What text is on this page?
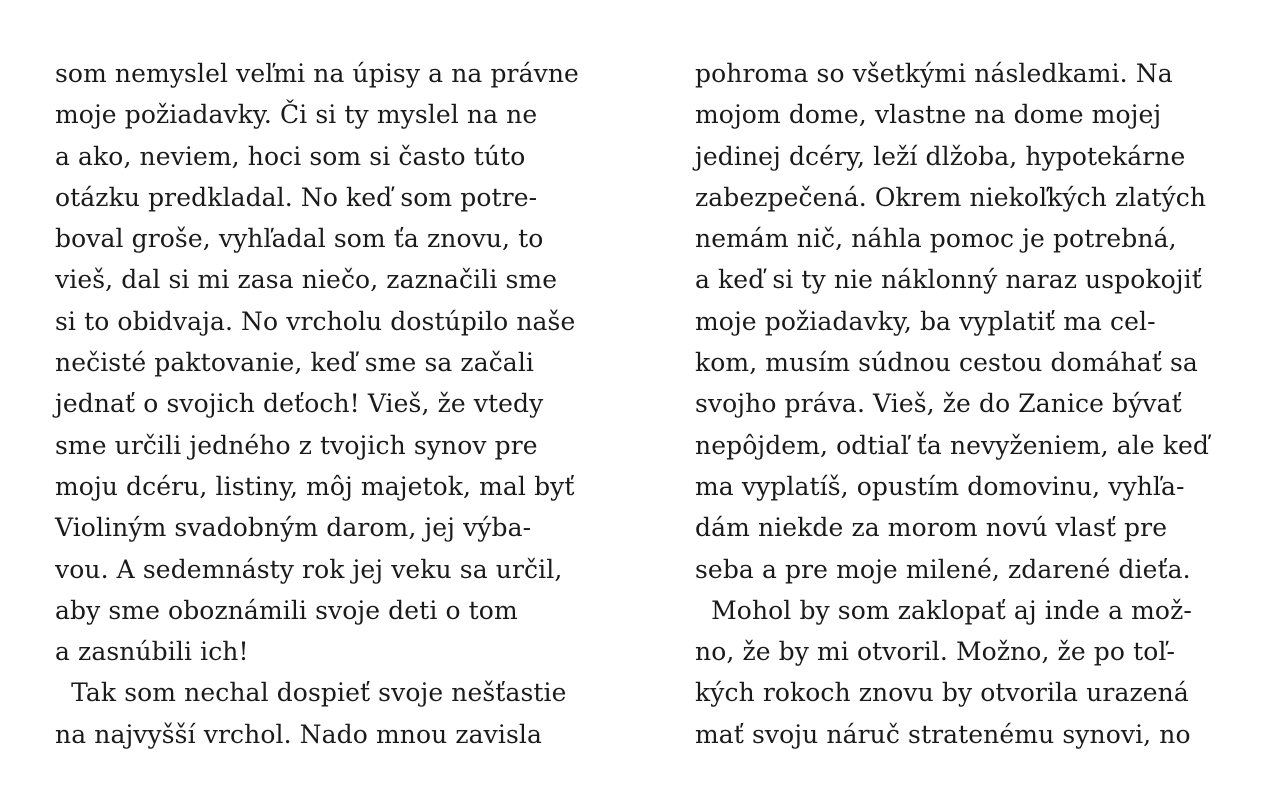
som nemyslel veľmi na úpisy a na právne
moje požiadavky. Či si ty myslel na ne
a ako, neviem, hoci som si často túto
otázku predkladal. No keď som potre-
boval groše, vyhľadal som ťa znovu, to
vieš, dal si mi zasa niečo, zaznačili sme
si to obidvaja. No vrcholu dostúpilo naše
nečisté paktovanie, keď sme sa začali
jednať o svojich deťoch! Vieš, že vtedy
sme určili jedného z tvojich synov pre
moju dcéru, listiny, môj majetok, mal byť
Violiným svadobným darom, jej výba-
vou. A sedemnásty rok jej veku sa určil,
aby sme oboznámili svoje deti o tom
a zasnúbili ich!
Tak som nechal dospieť svoje nešťastie
na najvyšší vrchol. Nado mnou zavisla
pohroma so všetkými následkami. Na
mojom dome, vlastne na dome mojej
jedinej dcéry, leží dlžoba, hypotekárne
zabezpečená. Okrem niekoľkých zlatých
nemám nič, náhla pomoc je potrebná,
a keď si ty nie náklonný naraz uspokojiť
moje požiadavky, ba vyplatiť ma cel-
kom, musím súdnou cestou domáhať sa
svojho práva. Vieš, že do Zanice bývať
nepôjdem, odtiaľ ťa nevyženiem, ale keď
ma vyplatíš, opustím domovinu, vyhľa-
dám niekde za morom novú vlasť pre
seba a pre moje milené, zdarené dieťa.
Mohol by som zaklopať aj inde a mož-
no, že by mi otvoril. Možno, že po toľ-
kých rokoch znovu by otvorila urazená
mať svoju náruč stratenému synovi, no
